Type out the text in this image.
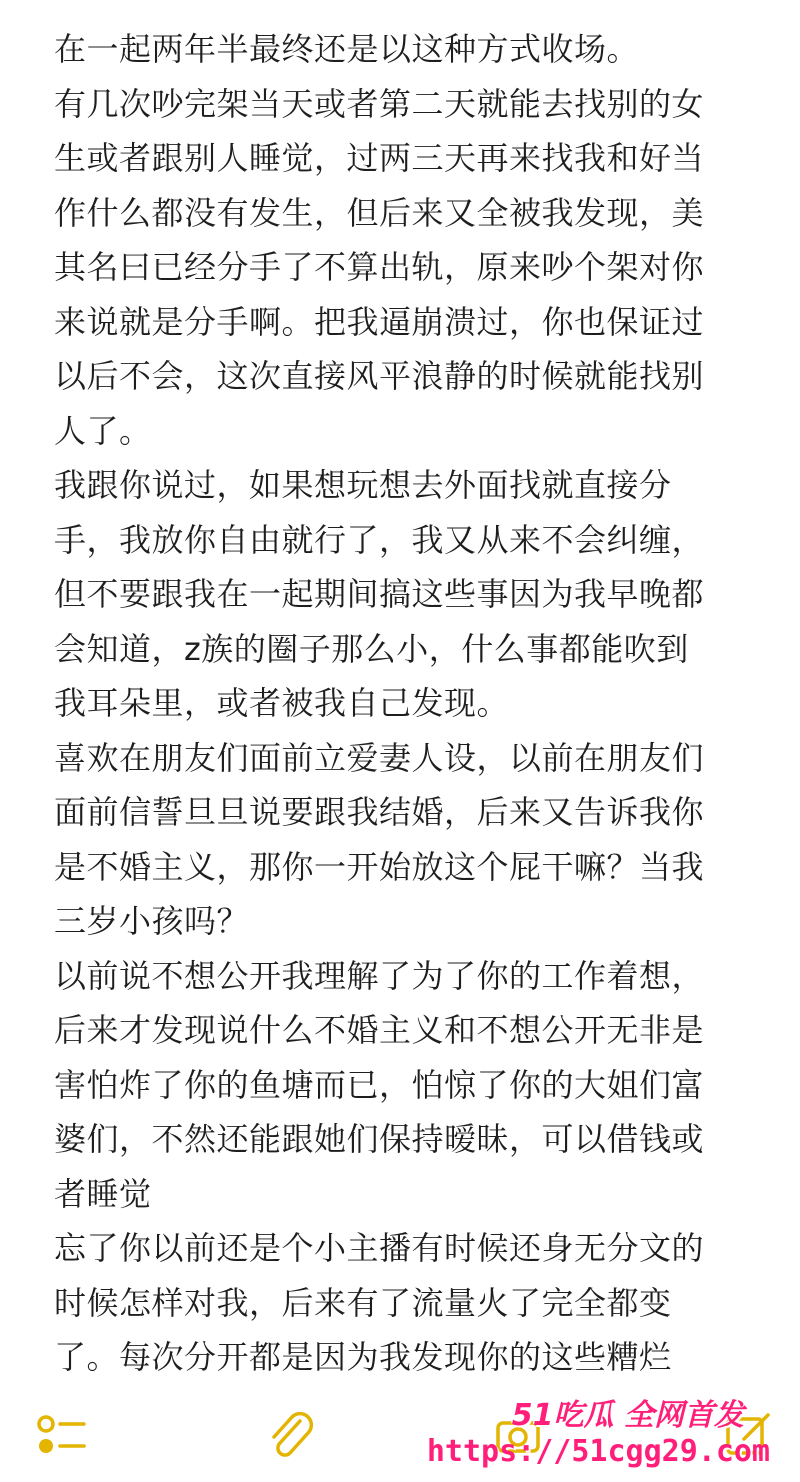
在一起两年半最终还是以这种方式收场。
有几次吵完架当天或者第二天就能去找别的女
生或者跟别人睡觉，过两三天再来找我和好当
作什么都没有发生，但后来又全被我发现，美
其名曰已经分手了不算出轨，原来吵个架对你
来说就是分手啊。把我逼崩溃过，你也保证过
以后不会，这次直接风平浪静的时候就能找别
人了。
我跟你说过，如果想玩想去外面找就直接分
手，我放你自由就行了，我又从来不会纠缠，
但不要跟我在一起期间搞这些事因为我早晚都
会知道，z族的圈子那么小，什么事都能吹到
我耳朵里，或者被我自己发现。
喜欢在朋友们面前立爱妻人设，以前在朋友们
面前信誓旦旦说要跟我结婚，后来又告诉我你
是不婚主义，那你一开始放这个屁干嘛？当我
三岁小孩吗？
以前说不想公开我理解了为了你的工作着想，
后来才发现说什么不婚主义和不想公开无非是
害怕炸了你的鱼塘而已，怕惊了你的大姐们富
婆们，不然还能跟她们保持暧昧，可以借钱或
者睡觉
忘了你以前还是个小主播有时候还身无分文的
时候怎样对我，后来有了流量火了完全都变
了。每次分开都是因为我发现你的这些糟烂
51吃瓜 全网首发
https://51cgg29.com
